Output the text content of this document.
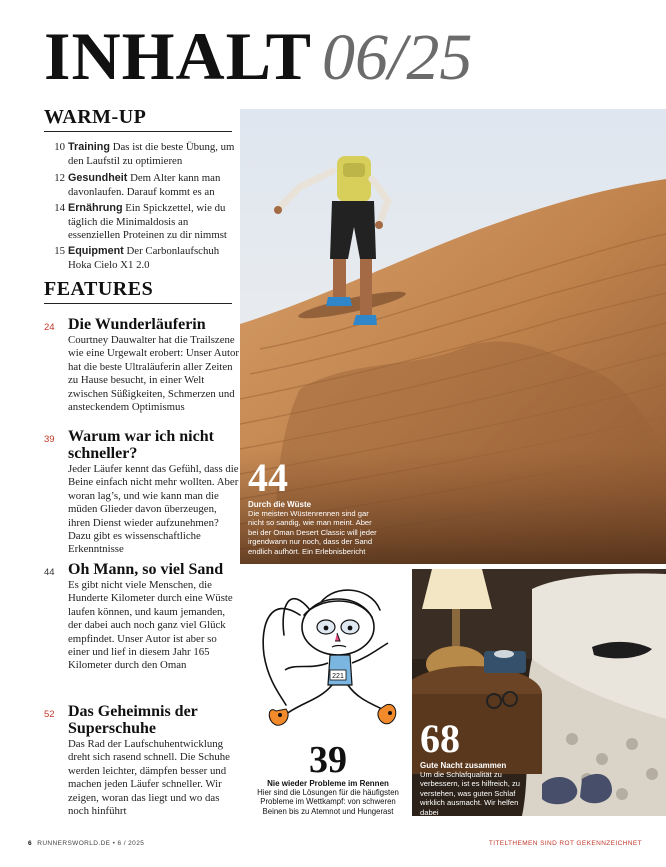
INHALT 06/25
WARM-UP
10 Training Das ist die beste Übung, um den Laufstil zu optimieren
12 Gesundheit Dem Alter kann man davonlaufen. Darauf kommt es an
14 Ernährung Ein Spickzettel, wie du täglich die Minimaldosis an essenziellen Proteinen zu dir nimmst
15 Equipment Der Carbonlaufschuh Hoka Cielo X1 2.0
FEATURES
24 Die Wunderläuferin
Courtney Dauwalter hat die Trailszene wie eine Urgewalt erobert: Unser Autor hat die beste Ultraläuferin aller Zeiten zu Hause besucht, in einer Welt zwischen Süßigkeiten, Schmerzen und ansteckendem Optimismus
39 Warum war ich nicht schneller?
Jeder Läufer kennt das Gefühl, dass die Beine einfach nicht mehr wollten. Aber woran lag’s, und wie kann man die müden Glieder davon überzeugen, ihren Dienst wieder aufzunehmen? Dazu gibt es wissenschaftliche Erkenntnisse
44 Oh Mann, so viel Sand
Es gibt nicht viele Menschen, die Hunderte Kilometer durch eine Wüste laufen können, und kaum jemanden, der dabei auch noch ganz viel Glück empfindet. Unser Autor ist aber so einer und lief in diesem Jahr 165 Kilometer durch den Oman
52 Das Geheimnis der Superschuhe
Das Rad der Laufschuhentwicklung dreht sich rasend schnell. Die Schuhe werden leichter, dämpfen besser und machen jeden Läufer schneller. Wir zeigen, woran das liegt und wo das noch hinführt
44
Durch die Wüste
Die meisten Wüstenrennen sind gar nicht so sandig, wie man meint. Aber bei der Oman Desert Classic will jeder irgendwann nur noch, dass der Sand endlich aufhört. Ein Erlebnisbericht
221
39
Nie wieder Probleme im Rennen
Hier sind die Lösungen für die häufigsten Probleme im Wettkampf: von schweren Beinen bis zu Atemnot und Hungerast
68
Gute Nacht zusammen
Um die Schlafqualität zu verbessern, ist es hilfreich, zu verstehen, was guten Schlaf wirklich ausmacht. Wir helfen dabei
6 RUNNERSWORLD.DE • 6 / 2025	TITELTHEMEN SIND ROT GEKENNZEICHNET
